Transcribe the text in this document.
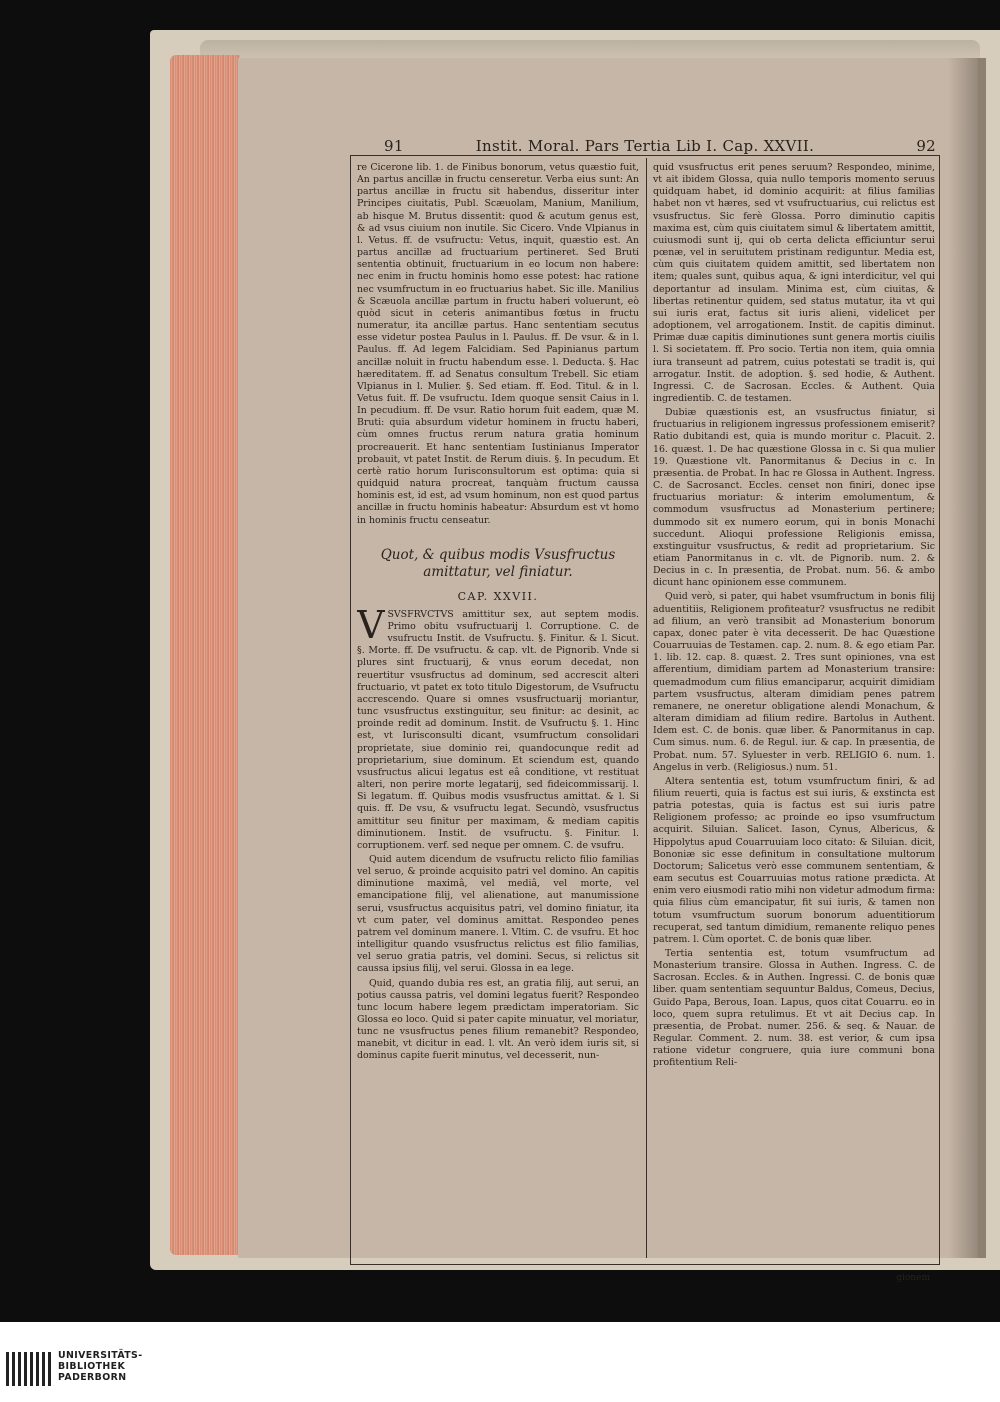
91	Instit. Moral. Pars Tertia Lib I. Cap. XXVII.	92

re Cicerone lib. 1. de Finibus bonorum, vetus quæstio fuit, An partus ancillæ in fructu censeretur. Verba eius sunt: An partus ancillæ in fructu sit habendus, disseritur inter Principes ciuitatis, Publ. Scæuolam, Manium, Manilium, ab hisque M. Brutus dissentit: quod & acutum genus est, & ad vsus ciuium non inutile. Sic Cicero. Vnde Vlpianus in l. Vetus. ff. de vsufructu: Vetus, inquit, quæstio est. An partus ancillæ ad fructuarium pertineret. Sed Bruti sententia obtinuit, fructuarium in eo locum non habere: nec enim in fructu hominis homo esse potest: hac ratione nec vsumfructum in eo fructuarius habet. Sic ille. Manilius & Scæuola ancillæ partum in fructu haberi voluerunt, eò quòd sicut in ceteris animantibus fœtus in fructu numeratur, ita ancillæ partus. Hanc sententiam secutus esse videtur postea Paulus in l. Paulus. ff. De vsur. & in l. Paulus. ff. Ad legem Falcidiam. Sed Papinianus partum ancillæ noluit in fructu habendum esse. l. Deducta. §. Hac hæreditatem. ff. ad Senatus consultum Trebell. Sic etiam Vlpianus in l. Mulier. §. Sed etiam. ff. Eod. Titul. & in l. Vetus fuit. ff. De vsufructu. Idem quoque sensit Caius in l. In pecudium. ff. De vsur. Ratio horum fuit eadem, quæ M. Bruti: quia absurdum videtur hominem in fructu haberi, cùm omnes fructus rerum natura gratia hominum procreauerit. Et hanc sententiam Iustinianus Imperator probauit, vt patet Instit. de Rerum diuis. §. In pecudum. Et certè ratio horum Iurisconsultorum est optima: quia si quidquid natura procreat, tanquàm fructum caussa hominis est, id est, ad vsum hominum, non est quod partus ancillæ in fructu hominis habeatur: Absurdum est vt homo in hominis fructu censeatur.

Quot, & quibus modis Vsusfructus amittatur, vel finiatur.
CAP. XXVII.

VSVSFRVCTVS amittitur sex, aut septem modis. Primo obitu vsufructuarij l. Corruptione. C. de vsufructu Instit. de Vsufructu. §. Finitur. & l. Sicut. §. Morte. ff. De vsufructu. & cap. vlt. de Pignorib. Vnde si plures sint fructuarij, & vnus eorum decedat, non reuertitur vsusfructus ad dominum, sed accrescit alteri fructuario, vt patet ex toto titulo Digestorum, de Vsufructu accrescendo. Quare si omnes vsusfructuarij moriantur, tunc vsusfructus exstinguitur, seu finitur: ac desinit, ac proinde redit ad dominum. Instit. de Vsufructu §. 1. Hinc est, vt Iurisconsulti dicant, vsumfructum consolidari proprietate, siue dominio rei, quandocunque redit ad proprietarium, siue dominum. Et sciendum est, quando vsusfructus alicui legatus est eâ conditione, vt restituat alteri, non perire morte legatarij, sed fideicommissarij. l. Si legatum. ff. Quibus modis vsusfructus amittat. & l. Si quis. ff. De vsu, & vsufructu legat. Secundò, vsusfructus amittitur seu finitur per maximam, & mediam capitis diminutionem. Instit. de vsufructu. §. Finitur. l. corruptionem. verf. sed neque per omnem. C. de vsufru.

Quid autem dicendum de vsufructu relicto filio familias vel seruo, & proinde acquisito patri vel domino. An capitis diminutione maximâ, vel mediâ, vel morte, vel emancipatione filij, vel alienatione, aut manumissione serui, vsusfructus acquisitus patri, vel domino finiatur, ita vt cum pater, vel dominus amittat. Respondeo penes patrem vel dominum manere. l. Vltim. C. de vsufru. Et hoc intelligitur quando vsusfructus relictus est filio familias, vel seruo gratia patris, vel domini. Secus, si relictus sit caussa ipsius filij, vel serui. Glossa in ea lege.

Quid, quando dubia res est, an gratia filij, aut serui, an potius caussa patris, vel domini legatus fuerit? Respondeo tunc locum habere legem prædictam imperatoriam. Sic Glossa eo loco. Quid si pater capite minuatur, vel moriatur, tunc ne vsusfructus penes filium remanebit? Respondeo, manebit, vt dicitur in ead. l. vlt. An verò idem iuris sit, si dominus capite fuerit minutus, vel decesserit, nun-

quid vsusfructus erit penes seruum? Respondeo, minime, vt ait ibidem Glossa, quia nullo temporis momento seruus quidquam habet, id dominio acquirit: at filius familias habet non vt hæres, sed vt vsufructuarius, cui relictus est vsusfructus. Sic ferè Glossa. Porro diminutio capitis maxima est, cùm quis ciuitatem simul & libertatem amittit, cuiusmodi sunt ij, qui ob certa delicta efficiuntur serui pœnæ, vel in seruitutem pristinam rediguntur. Media est, cùm quis ciuitatem quidem amittit, sed libertatem non item; quales sunt, quibus aqua, & igni interdicitur, vel qui deportantur ad insulam. Minima est, cùm ciuitas, & libertas retinentur quidem, sed status mutatur, ita vt qui sui iuris erat, factus sit iuris alieni, videlicet per adoptionem, vel arrogationem. Instit. de capitis diminut. Primæ duæ capitis diminutiones sunt genera mortis ciuilis l. Si societatem. ff. Pro socio. Tertia non item, quia omnia iura transeunt ad patrem, cuius potestati se tradit is, qui arrogatur. Instit. de adoption. §. sed hodie, & Authent. Ingressi. C. de Sacrosan. Eccles. & Authent. Quia ingredientib. C. de testamen.

Dubiæ quæstionis est, an vsusfructus finiatur, si fructuarius in religionem ingressus professionem emiserit? Ratio dubitandi est, quia is mundo moritur c. Placuit. 2. 16. quæst. 1. De hac quæstione Glossa in c. Si qua mulier 19. Quæstione vlt. Panormitanus & Decius in c. In præsentia. de Probat. In hac re Glossa in Authent. Ingress. C. de Sacrosanct. Eccles. censet non finiri, donec ipse fructuarius moriatur: & interim emolumentum, & commodum vsusfructus ad Monasterium pertinere; dummodo sit ex numero eorum, qui in bonis Monachi succedunt. Alioqui professione Religionis emissa, exstinguitur vsusfructus, & redit ad proprietarium. Sic etiam Panormitanus in c. vlt. de Pignorib. num. 2. & Decius in c. In præsentia, de Probat. num. 56. & ambo dicunt hanc opinionem esse communem.

Quid verò, si pater, qui habet vsumfructum in bonis filij aduentitiis, Religionem profiteatur? vsusfructus ne redibit ad filium, an verò transibit ad Monasterium bonorum capax, donec pater è vita decesserit. De hac Quæstione Couarruuias de Testamen. cap. 2. num. 8. & ego etiam Par. 1. lib. 12. cap. 8. quæst. 2. Tres sunt opiniones, vna est afferentium, dimidiam partem ad Monasterium transire: quemadmodum cum filius emanciparur, acquirit dimidiam partem vsusfructus, alteram dimidiam penes patrem remanere, ne oneretur obligatione alendi Monachum, & alteram dimidiam ad filium redire. Bartolus in Authent. Idem est. C. de bonis. quæ liber. & Panormitanus in cap. Cum simus. num. 6. de Regul. iur. & cap. In præsentia, de Probat. num. 57. Syluester in verb. RELIGIO 6. num. 1. Angelus in verb. (Religiosus.) num. 51.

Altera sententia est, totum vsumfructum finiri, & ad filium reuerti, quia is factus est sui iuris, & exstincta est patria potestas, quia is factus est sui iuris patre Religionem professo; ac proinde eo ipso vsumfructum acquirit. Siluian. Salicet. Iason, Cynus, Albericus, & Hippolytus apud Couarruuiam loco citato: & Siluian. dicit, Bononiæ sic esse definitum in consultatione multorum Doctorum; Salicetus verò esse communem sententiam, & eam secutus est Couarruuias motus ratione prædicta. At enim vero eiusmodi ratio mihi non videtur admodum firma: quia filius cùm emancipatur, fit sui iuris, & tamen non totum vsumfructum suorum bonorum aduentitiorum recuperat, sed tantum dimidium, remanente reliquo penes patrem. l. Cùm oportet. C. de bonis quæ liber.

Tertia sententia est, totum vsumfructum ad Monasterium transire. Glossa in Authen. Ingress. C. de Sacrosan. Eccles. & in Authen. Ingressi. C. de bonis quæ liber. quam sententiam sequuntur Baldus, Comeus, Decius, Guido Papa, Berous, Ioan. Lapus, quos citat Couarru. eo in loco, quem supra retulimus. Et vt ait Decius cap. In præsentia, de Probat. numer. 256. & seq. & Nauar. de Regular. Comment. 2. num. 38. est verior, & cum ipsa ratione videtur congruere, quia iure communi bona profitentium Reli-

gionem
UNIVERSITÄTS-
BIBLIOTHEK
PADERBORN
